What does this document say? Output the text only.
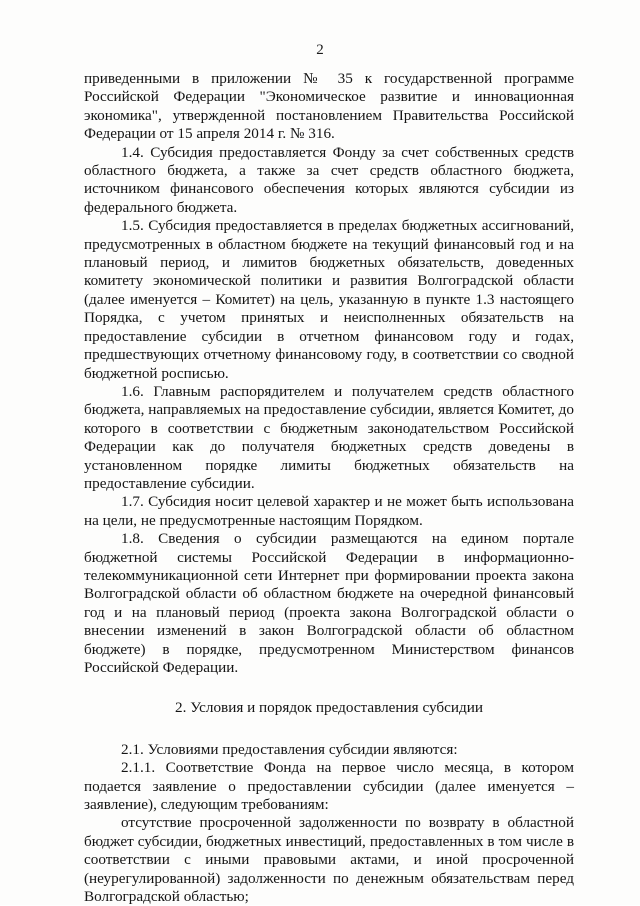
2

приведенными в приложении № 35 к государственной программе Российской Федерации "Экономическое развитие и инновационная экономика", утвержденной постановлением Правительства Российской Федерации от 15 апреля 2014 г. № 316.

1.4. Субсидия предоставляется Фонду за счет собственных средств областного бюджета, а также за счет средств областного бюджета, источником финансового обеспечения которых являются субсидии из федерального бюджета.

1.5. Субсидия предоставляется в пределах бюджетных ассигнований, предусмотренных в областном бюджете на текущий финансовый год и на плановый период, и лимитов бюджетных обязательств, доведенных комитету экономической политики и развития Волгоградской области (далее именуется – Комитет) на цель, указанную в пункте 1.3 настоящего Порядка, с учетом принятых и неисполненных обязательств на предоставление субсидии в отчетном финансовом году и годах, предшествующих отчетному финансовому году, в соответствии со сводной бюджетной росписью.

1.6. Главным распорядителем и получателем средств областного бюджета, направляемых на предоставление субсидии, является Комитет, до которого в соответствии с бюджетным законодательством Российской Федерации как до получателя бюджетных средств доведены в установленном порядке лимиты бюджетных обязательств на предоставление субсидии.

1.7. Субсидия носит целевой характер и не может быть использована на цели, не предусмотренные настоящим Порядком.

1.8. Сведения о субсидии размещаются на едином портале бюджетной системы Российской Федерации в информационно-телекоммуникационной сети Интернет при формировании проекта закона Волгоградской области об областном бюджете на очередной финансовый год и на плановый период (проекта закона Волгоградской области о внесении изменений в закон Волгоградской области об областном бюджете) в порядке, предусмотренном Министерством финансов Российской Федерации.

2. Условия и порядок предоставления субсидии

2.1. Условиями предоставления субсидии являются:

2.1.1. Соответствие Фонда на первое число месяца, в котором подается заявление о предоставлении субсидии (далее именуется – заявление), следующим требованиям:

отсутствие просроченной задолженности по возврату в областной бюджет субсидии, бюджетных инвестиций, предоставленных в том числе в соответствии с иными правовыми актами, и иной просроченной (неурегулированной) задолженности по денежным обязательствам перед Волгоградской областью;
